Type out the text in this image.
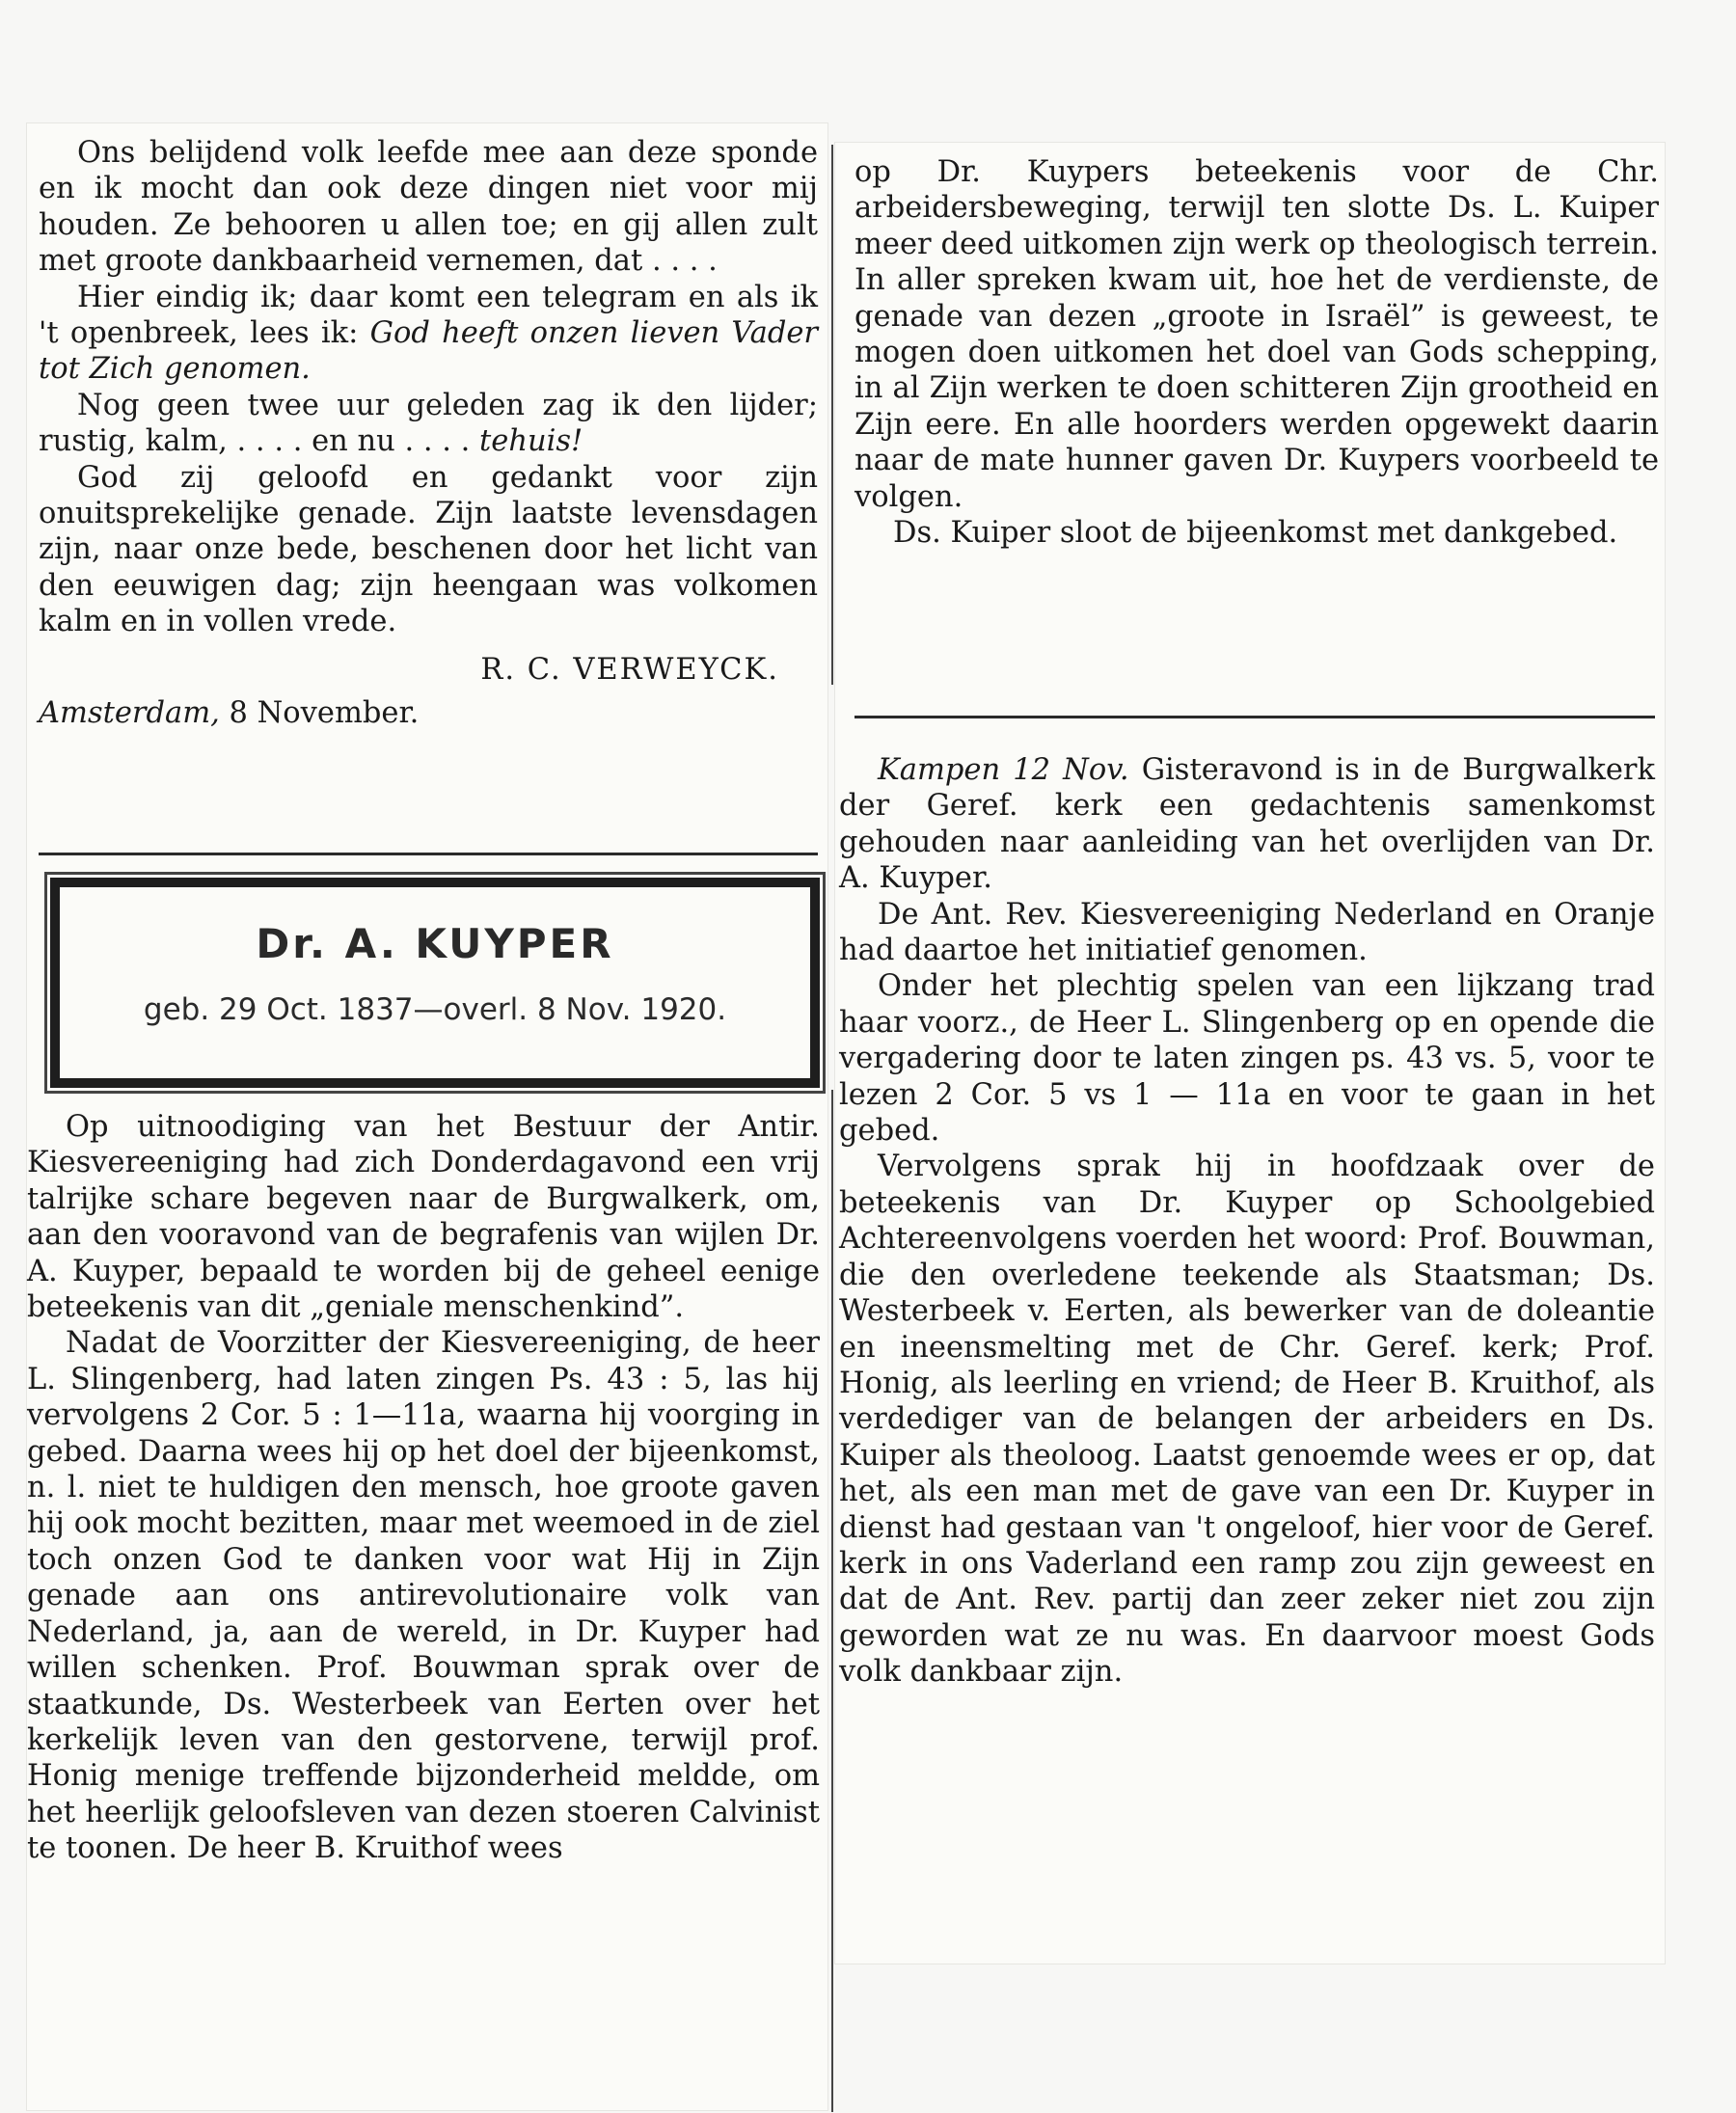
Ons belijdend volk leefde mee aan deze sponde en ik mocht dan ook deze dingen niet voor mij houden. Ze behooren u allen toe; en gij allen zult met groote dankbaarheid vernemen, dat . . . .

Hier eindig ik; daar komt een telegram en als ik 't openbreek, lees ik: God heeft onzen lieven Vader tot Zich genomen.

Nog geen twee uur geleden zag ik den lijder; rustig, kalm, . . . . en nu . . . . tehuis!

God zij geloofd en gedankt voor zijn onuitsprekelijke genade. Zijn laatste levensdagen zijn, naar onze bede, beschenen door het licht van den eeuwigen dag; zijn heengaan was volkomen kalm en in vollen vrede.

R. C. VERWEYCK.

Amsterdam, 8 November.

Dr. A. KUYPER
geb. 29 Oct. 1837—overl. 8 Nov. 1920.

Op uitnoodiging van het Bestuur der Antir. Kiesvereeniging had zich Donderdagavond een vrij talrijke schare begeven naar de Burgwalkerk, om, aan den vooravond van de begrafenis van wijlen Dr. A. Kuyper, bepaald te worden bij de geheel eenige beteekenis van dit „geniale menschenkind”.

Nadat de Voorzitter der Kiesvereeniging, de heer L. Slingenberg, had laten zingen Ps. 43 : 5, las hij vervolgens 2 Cor. 5 : 1—11a, waarna hij voorging in gebed. Daarna wees hij op het doel der bijeenkomst, n. l. niet te huldigen den mensch, hoe groote gaven hij ook mocht bezitten, maar met weemoed in de ziel toch onzen God te danken voor wat Hij in Zijn genade aan ons antirevolutionaire volk van Nederland, ja, aan de wereld, in Dr. Kuyper had willen schenken. Prof. Bouwman sprak over de staatkunde, Ds. Westerbeek van Eerten over het kerkelijk leven van den gestorvene, terwijl prof. Honig menige treffende bijzonderheid meldde, om het heerlijk geloofsleven van dezen stoeren Calvinist te toonen. De heer B. Kruithof wees

op Dr. Kuypers beteekenis voor de Chr. arbeidersbeweging, terwijl ten slotte Ds. L. Kuiper meer deed uitkomen zijn werk op theologisch terrein. In aller spreken kwam uit, hoe het de verdienste, de genade van dezen „groote in Israël” is geweest, te mogen doen uitkomen het doel van Gods schepping, in al Zijn werken te doen schitteren Zijn grootheid en Zijn eere. En alle hoorders werden opgewekt daarin naar de mate hunner gaven Dr. Kuypers voorbeeld te volgen.

Ds. Kuiper sloot de bijeenkomst met dankgebed.

Kampen 12 Nov. Gisteravond is in de Burgwalkerk der Geref. kerk een gedachtenis samenkomst gehouden naar aanleiding van het overlijden van Dr. A. Kuyper.

De Ant. Rev. Kiesvereeniging Nederland en Oranje had daartoe het initiatief genomen.

Onder het plechtig spelen van een lijkzang trad haar voorz., de Heer L. Slingenberg op en opende die vergadering door te laten zingen ps. 43 vs. 5, voor te lezen 2 Cor. 5 vs 1 — 11a en voor te gaan in het gebed.

Vervolgens sprak hij in hoofdzaak over de beteekenis van Dr. Kuyper op Schoolgebied Achtereenvolgens voerden het woord: Prof. Bouwman, die den overledene teekende als Staatsman; Ds. Westerbeek v. Eerten, als bewerker van de doleantie en ineensmelting met de Chr. Geref. kerk; Prof. Honig, als leerling en vriend; de Heer B. Kruithof, als verdediger van de belangen der arbeiders en Ds. Kuiper als theoloog. Laatst genoemde wees er op, dat het, als een man met de gave van een Dr. Kuyper in dienst had gestaan van 't ongeloof, hier voor de Geref. kerk in ons Vaderland een ramp zou zijn geweest en dat de Ant. Rev. partij dan zeer zeker niet zou zijn geworden wat ze nu was. En daarvoor moest Gods volk dankbaar zijn.
